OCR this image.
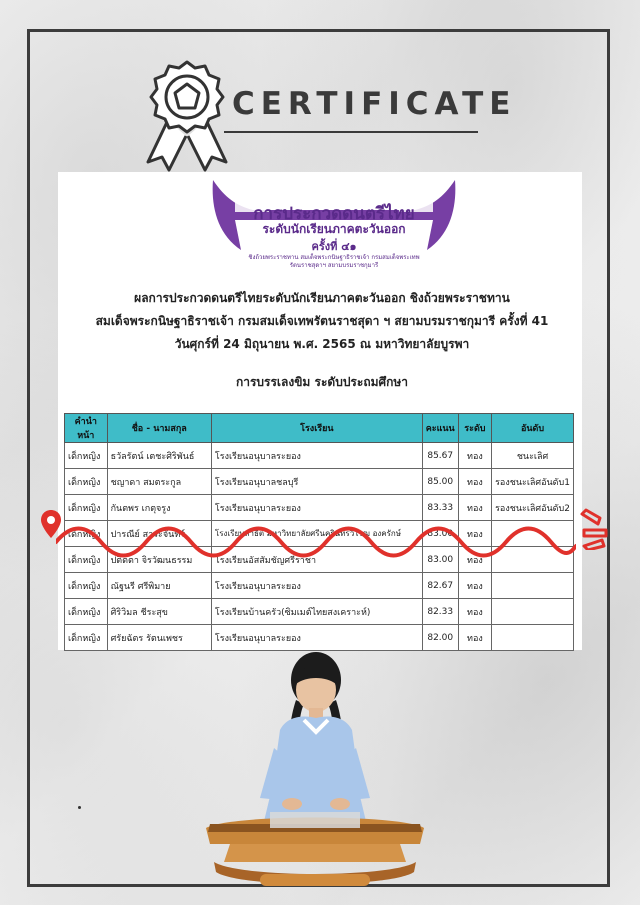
CERTIFICATE
การประกวดดนตรีไทย
ระดับนักเรียนภาคตะวันออก
ครั้งที่ ๔๑
ชิงถ้วยพระราชทาน สมเด็จพระกนิษฐาธิราชเจ้า กรมสมเด็จพระเทพรัตนราชสุดาฯ สยามบรมราชกุมารี
ผลการประกวดดนตรีไทยระดับนักเรียนภาคตะวันออก ชิงถ้วยพระราชทาน
สมเด็จพระกนิษฐาธิราชเจ้า กรมสมเด็จเทพรัตนราชสุดา ฯ สยามบรมราชกุมารี ครั้งที่ 41
วันศุกร์ที่ 24 มิถุนายน พ.ศ. 2565 ณ มหาวิทยาลัยบูรพา
การบรรเลงขิม ระดับประถมศึกษา
คำนำหน้า	ชื่อ - นามสกุล	โรงเรียน	คะแนน	ระดับ	อันดับ
เด็กหญิง	ธวัลรัตน์ เตชะศิริพันธ์	โรงเรียนอนุบาลระยอง	85.67	ทอง	ชนะเลิศ
เด็กหญิง	ชญาดา สมตระกูล	โรงเรียนอนุบาลชลบุรี	85.00	ทอง	รองชนะเลิศอันดับ1
เด็กหญิง	กันตพร เกตุจรูง	โรงเรียนอนุบาลระยอง	83.33	ทอง	รองชนะเลิศอันดับ2
เด็กหญิง	ปารณีย์ สาระจันทร์	โรงเรียนสาธิต มหาวิทยาลัยศรีนครินทรวิโรฒ องครักษ์	83.00	ทอง	
เด็กหญิง	ปติตตา จิรวัฒนธรรม	โรงเรียนอัสสัมชัญศรีราชา	83.00	ทอง	
เด็กหญิง	ณัฐนรี ศรีพิมาย	โรงเรียนอนุบาลระยอง	82.67	ทอง	
เด็กหญิง	ศิริวิมล ชีระสุข	โรงเรียนบ้านครัว(ซิมเมต์ไทยสงเคราะห์)	82.33	ทอง	
เด็กหญิง	ศรัยฉัตร รัตนเพชร	โรงเรียนอนุบาลระยอง	82.00	ทอง	
